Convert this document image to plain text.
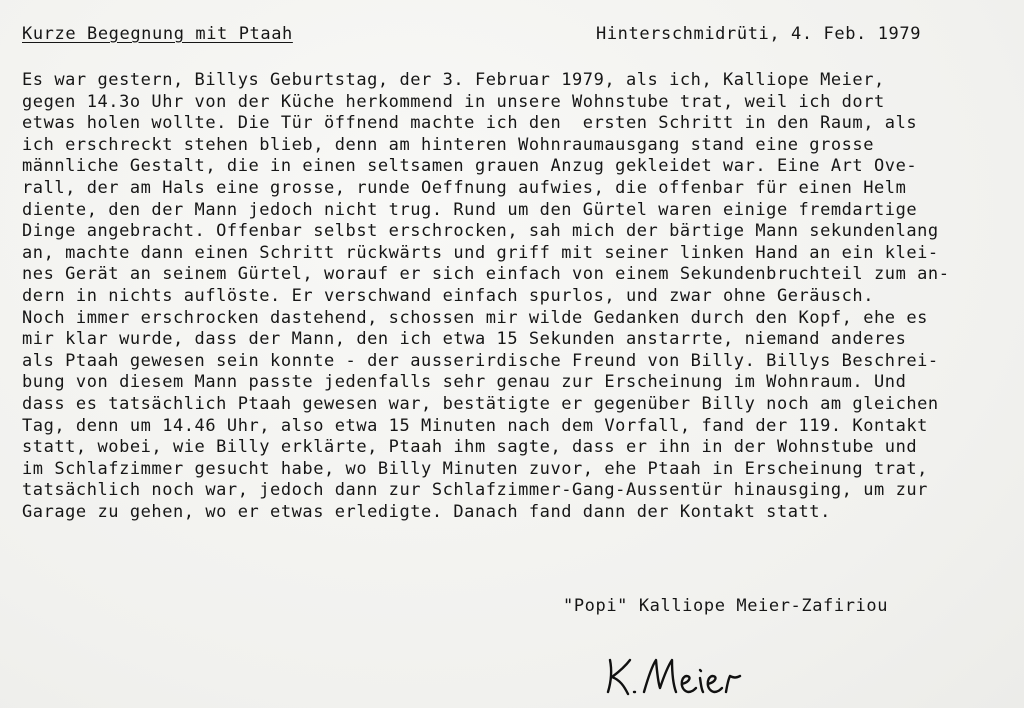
Kurze Begegnung mit Ptaah	Hinterschmidrüti, 4. Feb. 1979
Es war gestern, Billys Geburtstag, der 3. Februar 1979, als ich, Kalliope Meier,
gegen 14.3o Uhr von der Küche herkommend in unsere Wohnstube trat, weil ich dort
etwas holen wollte. Die Tür öffnend machte ich den  ersten Schritt in den Raum, als
ich erschreckt stehen blieb, denn am hinteren Wohnraumausgang stand eine grosse
männliche Gestalt, die in einen seltsamen grauen Anzug gekleidet war. Eine Art Ove-
rall, der am Hals eine grosse, runde Oeffnung aufwies, die offenbar für einen Helm
diente, den der Mann jedoch nicht trug. Rund um den Gürtel waren einige fremdartige
Dinge angebracht. Offenbar selbst erschrocken, sah mich der bärtige Mann sekundenlang
an, machte dann einen Schritt rückwärts und griff mit seiner linken Hand an ein klei-
nes Gerät an seinem Gürtel, worauf er sich einfach von einem Sekundenbruchteil zum an-
dern in nichts auflöste. Er verschwand einfach spurlos, und zwar ohne Geräusch.
Noch immer erschrocken dastehend, schossen mir wilde Gedanken durch den Kopf, ehe es
mir klar wurde, dass der Mann, den ich etwa 15 Sekunden anstarrte, niemand anderes
als Ptaah gewesen sein konnte - der ausserirdische Freund von Billy. Billys Beschrei-
bung von diesem Mann passte jedenfalls sehr genau zur Erscheinung im Wohnraum. Und
dass es tatsächlich Ptaah gewesen war, bestätigte er gegenüber Billy noch am gleichen
Tag, denn um 14.46 Uhr, also etwa 15 Minuten nach dem Vorfall, fand der 119. Kontakt
statt, wobei, wie Billy erklärte, Ptaah ihm sagte, dass er ihn in der Wohnstube und
im Schlafzimmer gesucht habe, wo Billy Minuten zuvor, ehe Ptaah in Erscheinung trat,
tatsächlich noch war, jedoch dann zur Schlafzimmer-Gang-Aussentür hinausging, um zur
Garage zu gehen, wo er etwas erledigte. Danach fand dann der Kontakt statt.
"Popi" Kalliope Meier-Zafiriou
